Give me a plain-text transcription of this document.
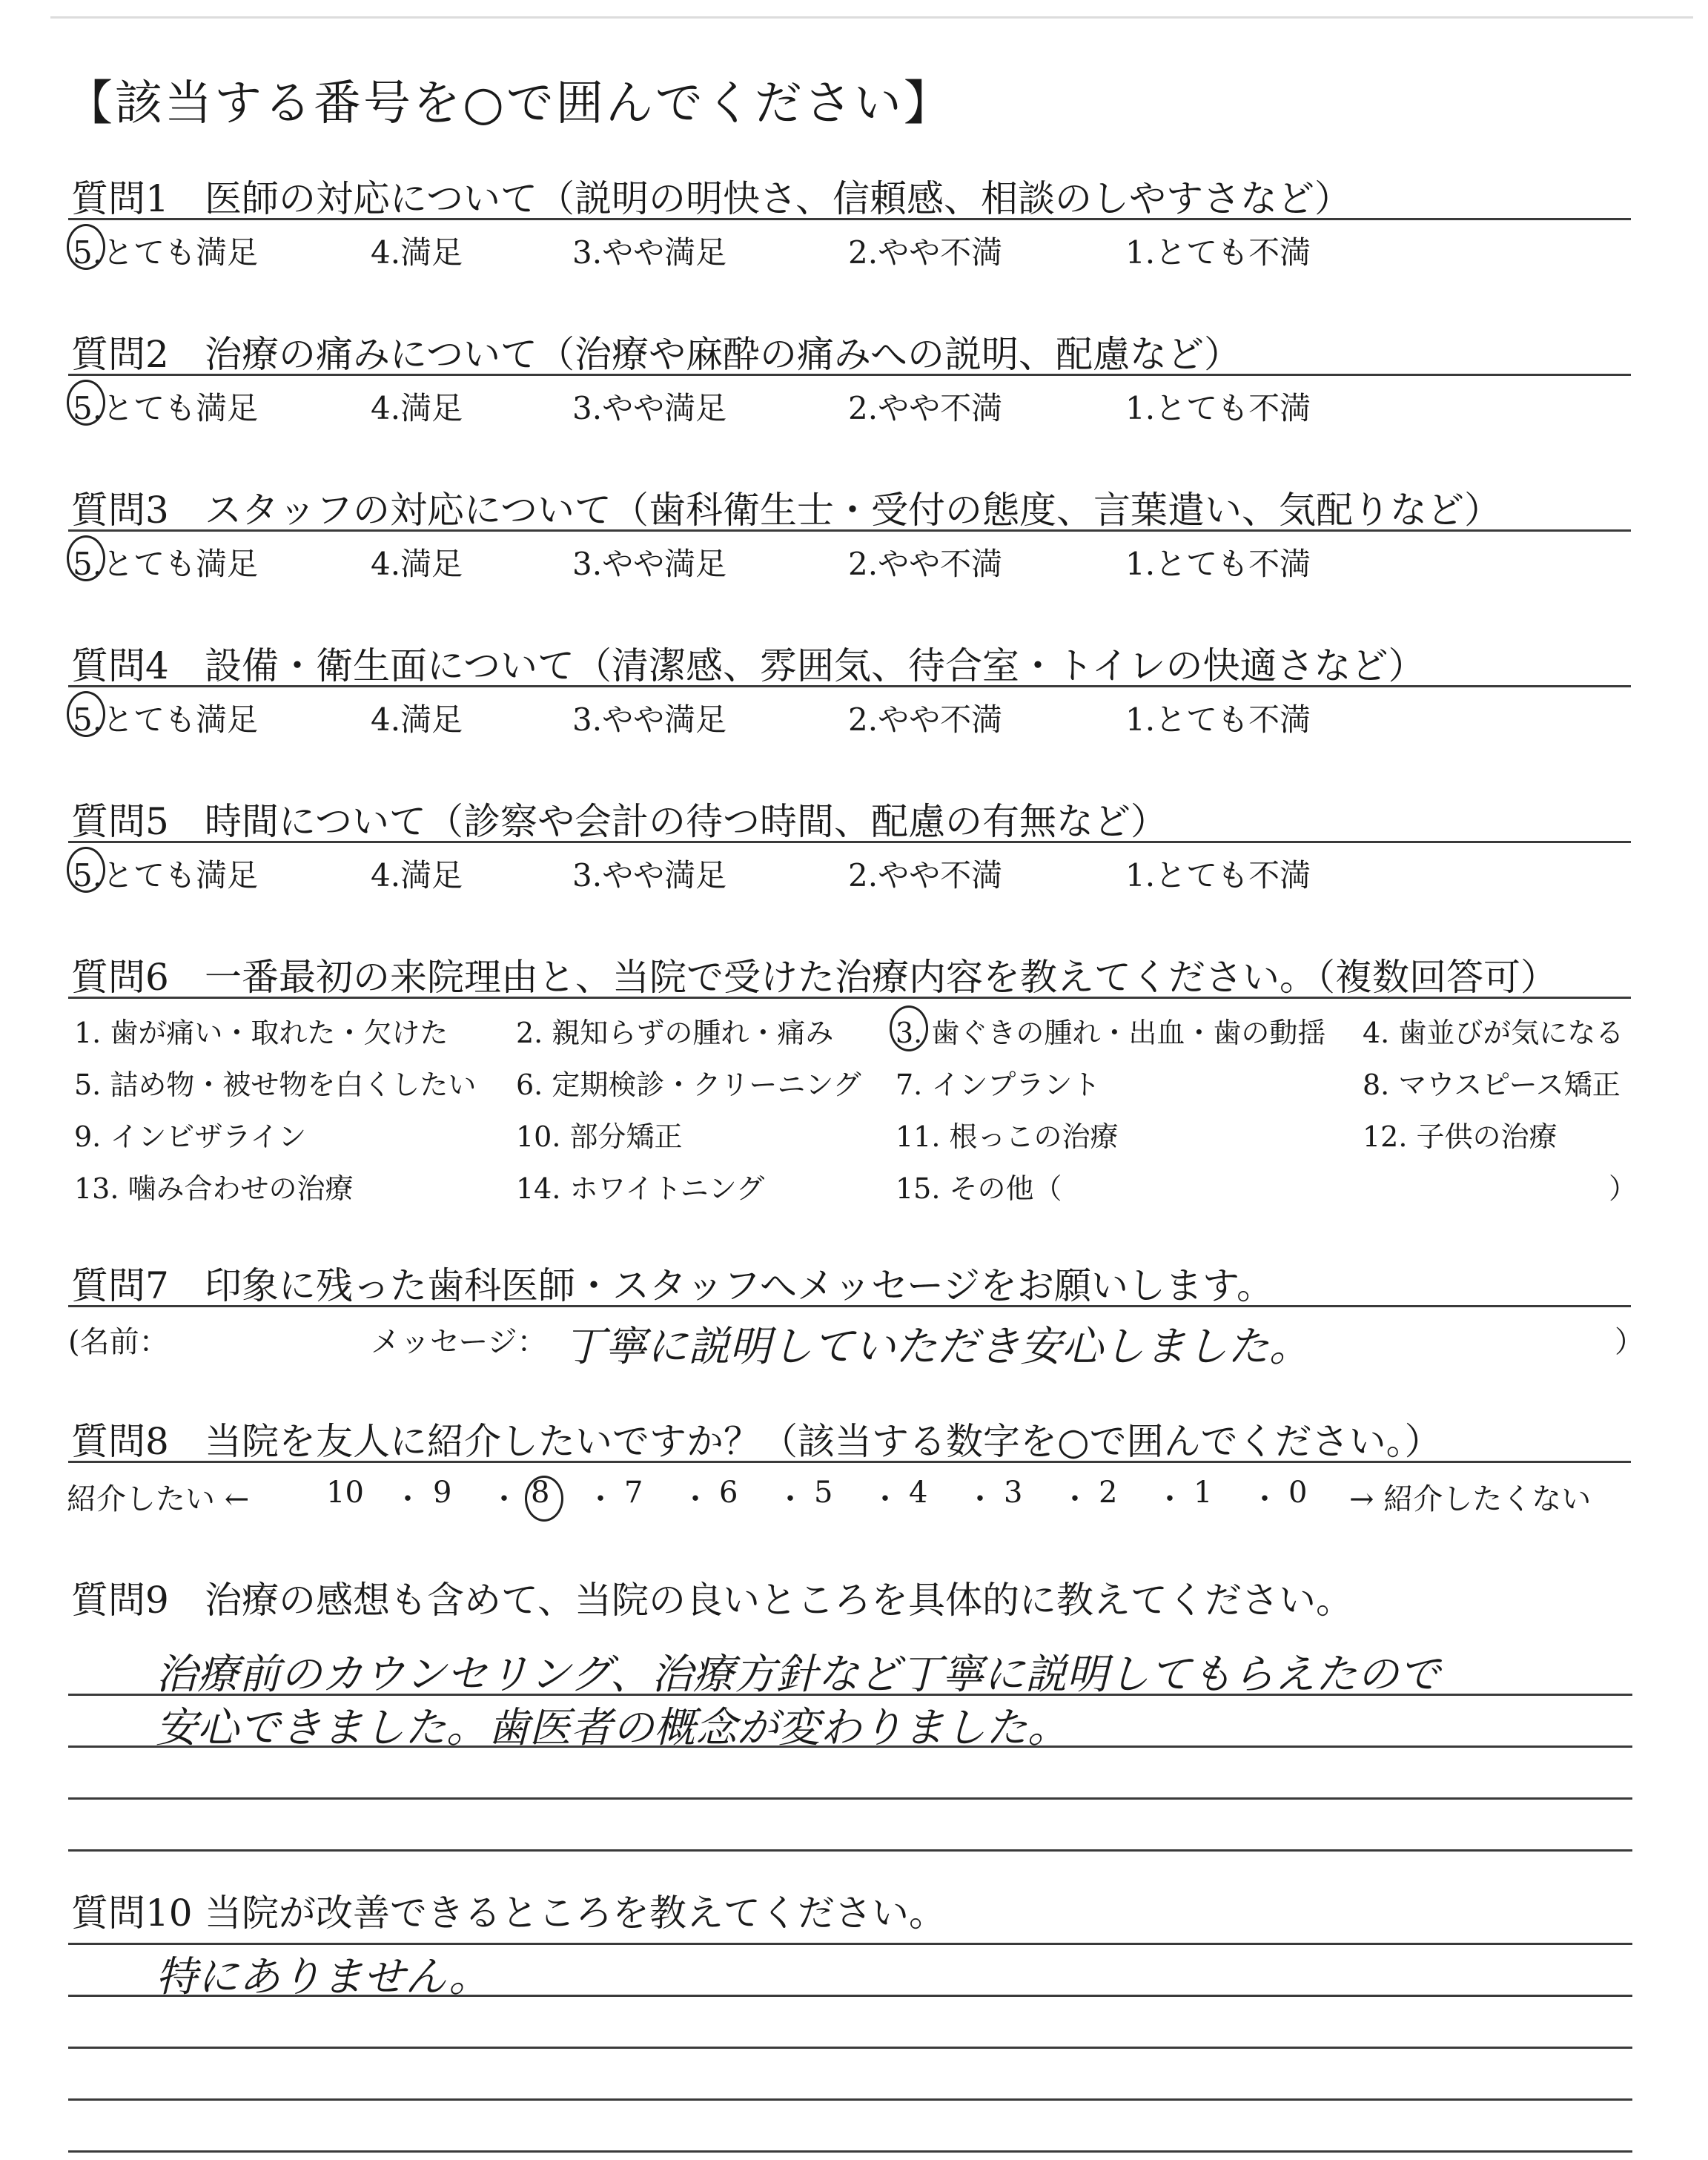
【該当する番号を○で囲んでください】
質問1 医師の対応について（説明の明快さ、信頼感、相談のしやすさなど）
5.とても満足	4.満足	3.やや満足	2.やや不満	1.とても不満
質問2 治療の痛みについて（治療や麻酔の痛みへの説明、配慮など）
5.とても満足	4.満足	3.やや満足	2.やや不満	1.とても不満
質問3 スタッフの対応について（歯科衛生士・受付の態度、言葉遣い、気配りなど）
5.とても満足	4.満足	3.やや満足	2.やや不満	1.とても不満
質問4 設備・衛生面について（清潔感、雰囲気、待合室・トイレの快適さなど）
5.とても満足	4.満足	3.やや満足	2.やや不満	1.とても不満
質問5 時間について（診察や会計の待つ時間、配慮の有無など）
5.とても満足	4.満足	3.やや満足	2.やや不満	1.とても不満
質問6 一番最初の来院理由と、当院で受けた治療内容を教えてください。（複数回答可）
1. 歯が痛い・取れた・欠けた 2. 親知らずの腫れ・痛み 3. 歯ぐきの腫れ・出血・歯の動揺 4. 歯並びが気になる
5. 詰め物・被せ物を白くしたい 6. 定期検診・クリーニング 7. インプラント	8. マウスピース矯正
9. インビザライン	10. 部分矯正	11. 根っこの治療	12. 子供の治療
13. 噛み合わせの治療	14. ホワイトニング	15. その他（	）
質問7 印象に残った歯科医師・スタッフへメッセージをお願いします。
(名前：	メッセージ： 丁寧に説明していただき安心しました。	）
質問8 当院を友人に紹介したいですか？（該当する数字を○で囲んでください。）
紹介したい ←	10 ・ 9 ・ 8 ・ 7 ・ 6 ・ 5 ・ 4 ・ 3 ・ 2 ・ 1 ・ 0 → 紹介したくない
質問9 治療の感想も含めて、当院の良いところを具体的に教えてください。
治療前のカウンセリング、治療方針など丁寧に説明してもらえたので
安心できました。歯医者の概念が変わりました。
質問10 当院が改善できるところを教えてください。
特にありません。
